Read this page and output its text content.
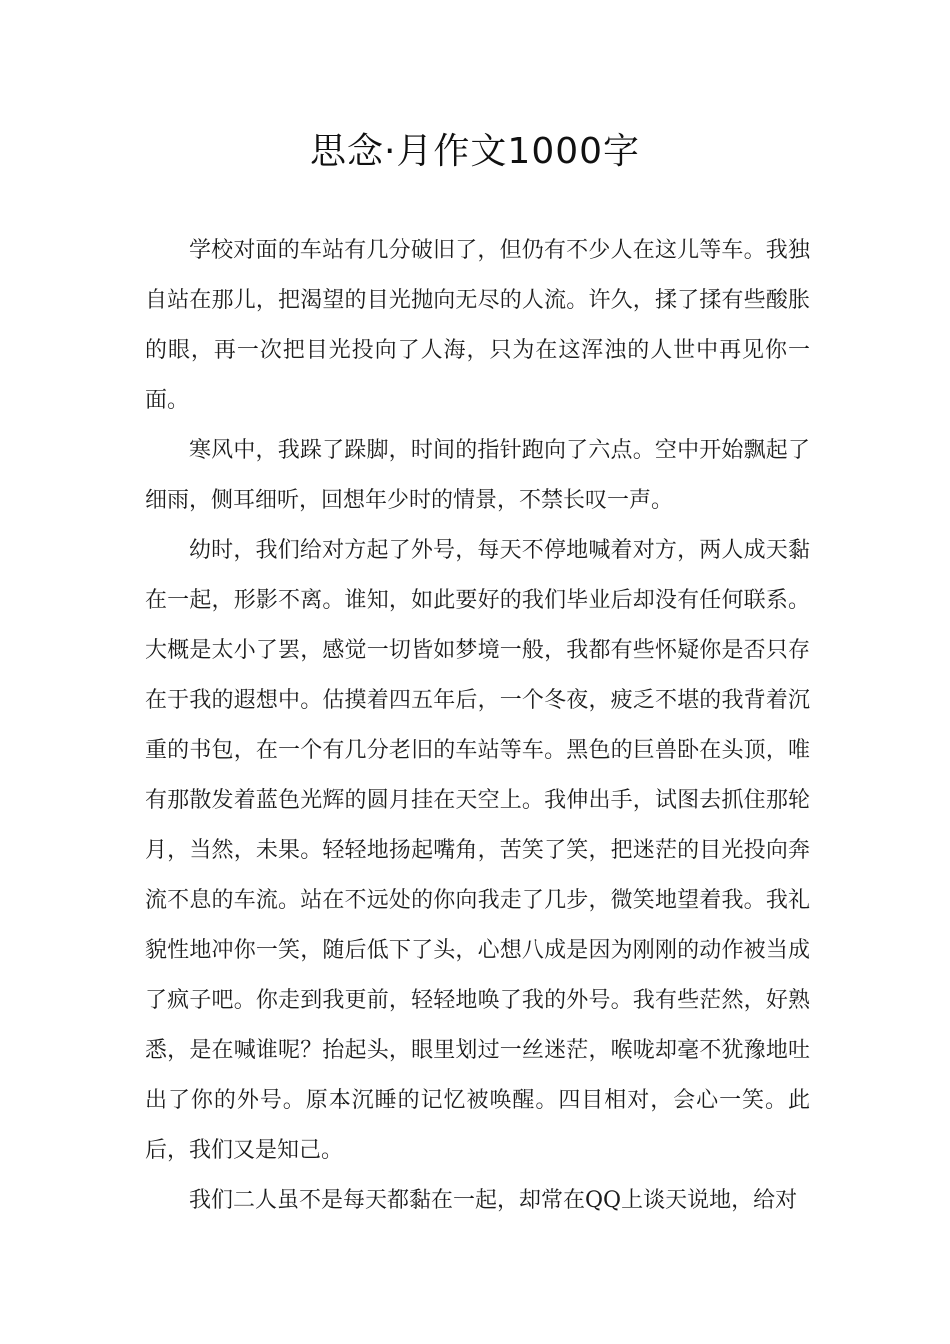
思念·月作文1000字

学校对面的车站有几分破旧了，但仍有不少人在这儿等车。我独自站在那儿，把渴望的目光抛向无尽的人流。许久，揉了揉有些酸胀的眼，再一次把目光投向了人海，只为在这浑浊的人世中再见你一面。

寒风中，我跺了跺脚，时间的指针跑向了六点。空中开始飘起了细雨，侧耳细听，回想年少时的情景，不禁长叹一声。

幼时，我们给对方起了外号，每天不停地喊着对方，两人成天黏在一起，形影不离。谁知，如此要好的我们毕业后却没有任何联系。大概是太小了罢，感觉一切皆如梦境一般，我都有些怀疑你是否只存在于我的遐想中。估摸着四五年后，一个冬夜，疲乏不堪的我背着沉重的书包，在一个有几分老旧的车站等车。黑色的巨兽卧在头顶，唯有那散发着蓝色光辉的圆月挂在天空上。我伸出手，试图去抓住那轮月，当然，未果。轻轻地扬起嘴角，苦笑了笑，把迷茫的目光投向奔流不息的车流。站在不远处的你向我走了几步，微笑地望着我。我礼貌性地冲你一笑，随后低下了头，心想八成是因为刚刚的动作被当成了疯子吧。你走到我更前，轻轻地唤了我的外号。我有些茫然，好熟悉，是在喊谁呢？抬起头，眼里划过一丝迷茫，喉咙却毫不犹豫地吐出了你的外号。原本沉睡的记忆被唤醒。四目相对，会心一笑。此后，我们又是知己。

我们二人虽不是每天都黏在一起，却常在QQ上谈天说地，给对
